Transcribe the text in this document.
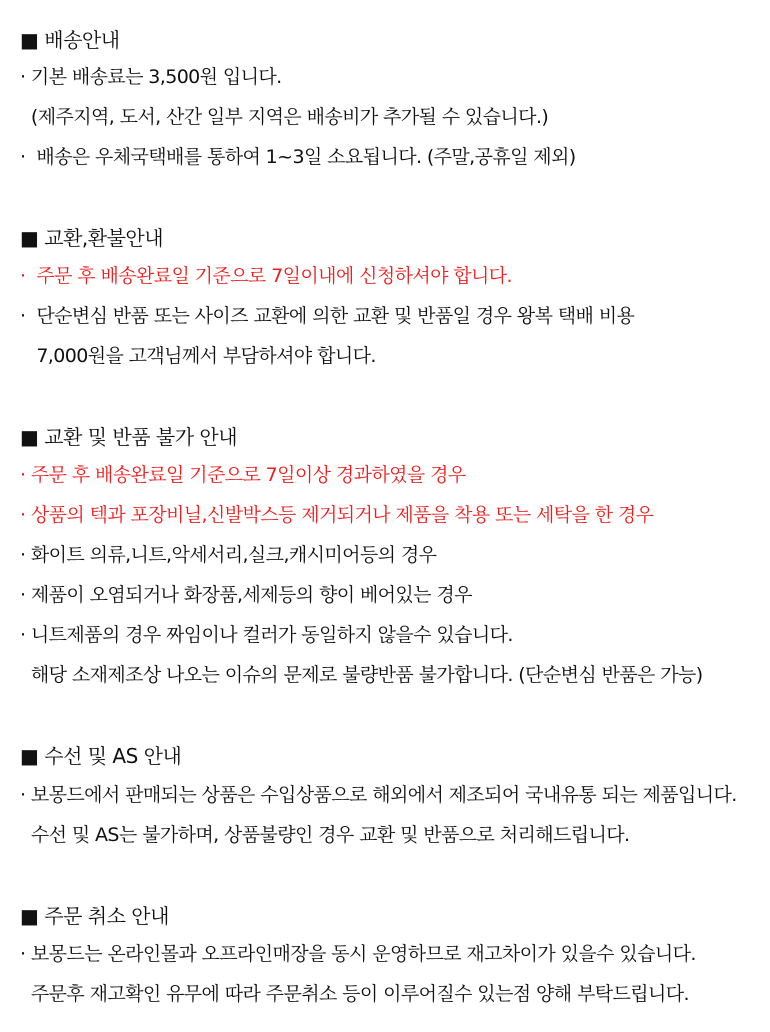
■ 배송안내
· 기본 배송료는 3,500원 입니다.
(제주지역, 도서, 산간 일부 지역은 배송비가 추가될 수 있습니다.)
·  배송은 우체국택배를 통하여 1~3일 소요됩니다. (주말,공휴일 제외)
■ 교환,환불안내
·  주문 후 배송완료일 기준으로 7일이내에 신청하셔야 합니다.
·  단순변심 반품 또는 사이즈 교환에 의한 교환 및 반품일 경우 왕복 택배 비용
7,000원을 고객님께서 부담하셔야 합니다.
■ 교환 및 반품 불가 안내
· 주문 후 배송완료일 기준으로 7일이상 경과하였을 경우
· 상품의 텍과 포장비닐,신발박스등 제거되거나 제품을 착용 또는 세탁을 한 경우
· 화이트 의류,니트,악세서리,실크,캐시미어등의 경우
· 제품이 오염되거나 화장품,세제등의 향이 베어있는 경우
· 니트제품의 경우 짜임이나 컬러가 동일하지 않을수 있습니다.
해당 소재제조상 나오는 이슈의 문제로 불량반품 불가합니다. (단순변심 반품은 가능)
■ 수선 및 AS 안내
· 보몽드에서 판매되는 상품은 수입상품으로 해외에서 제조되어 국내유통 되는 제품입니다.
수선 및 AS는 불가하며, 상품불량인 경우 교환 및 반품으로 처리해드립니다.
■ 주문 취소 안내
· 보몽드는 온라인몰과 오프라인매장을 동시 운영하므로 재고차이가 있을수 있습니다.
주문후 재고확인 유무에 따라 주문취소 등이 이루어질수 있는점 양해 부탁드립니다.
